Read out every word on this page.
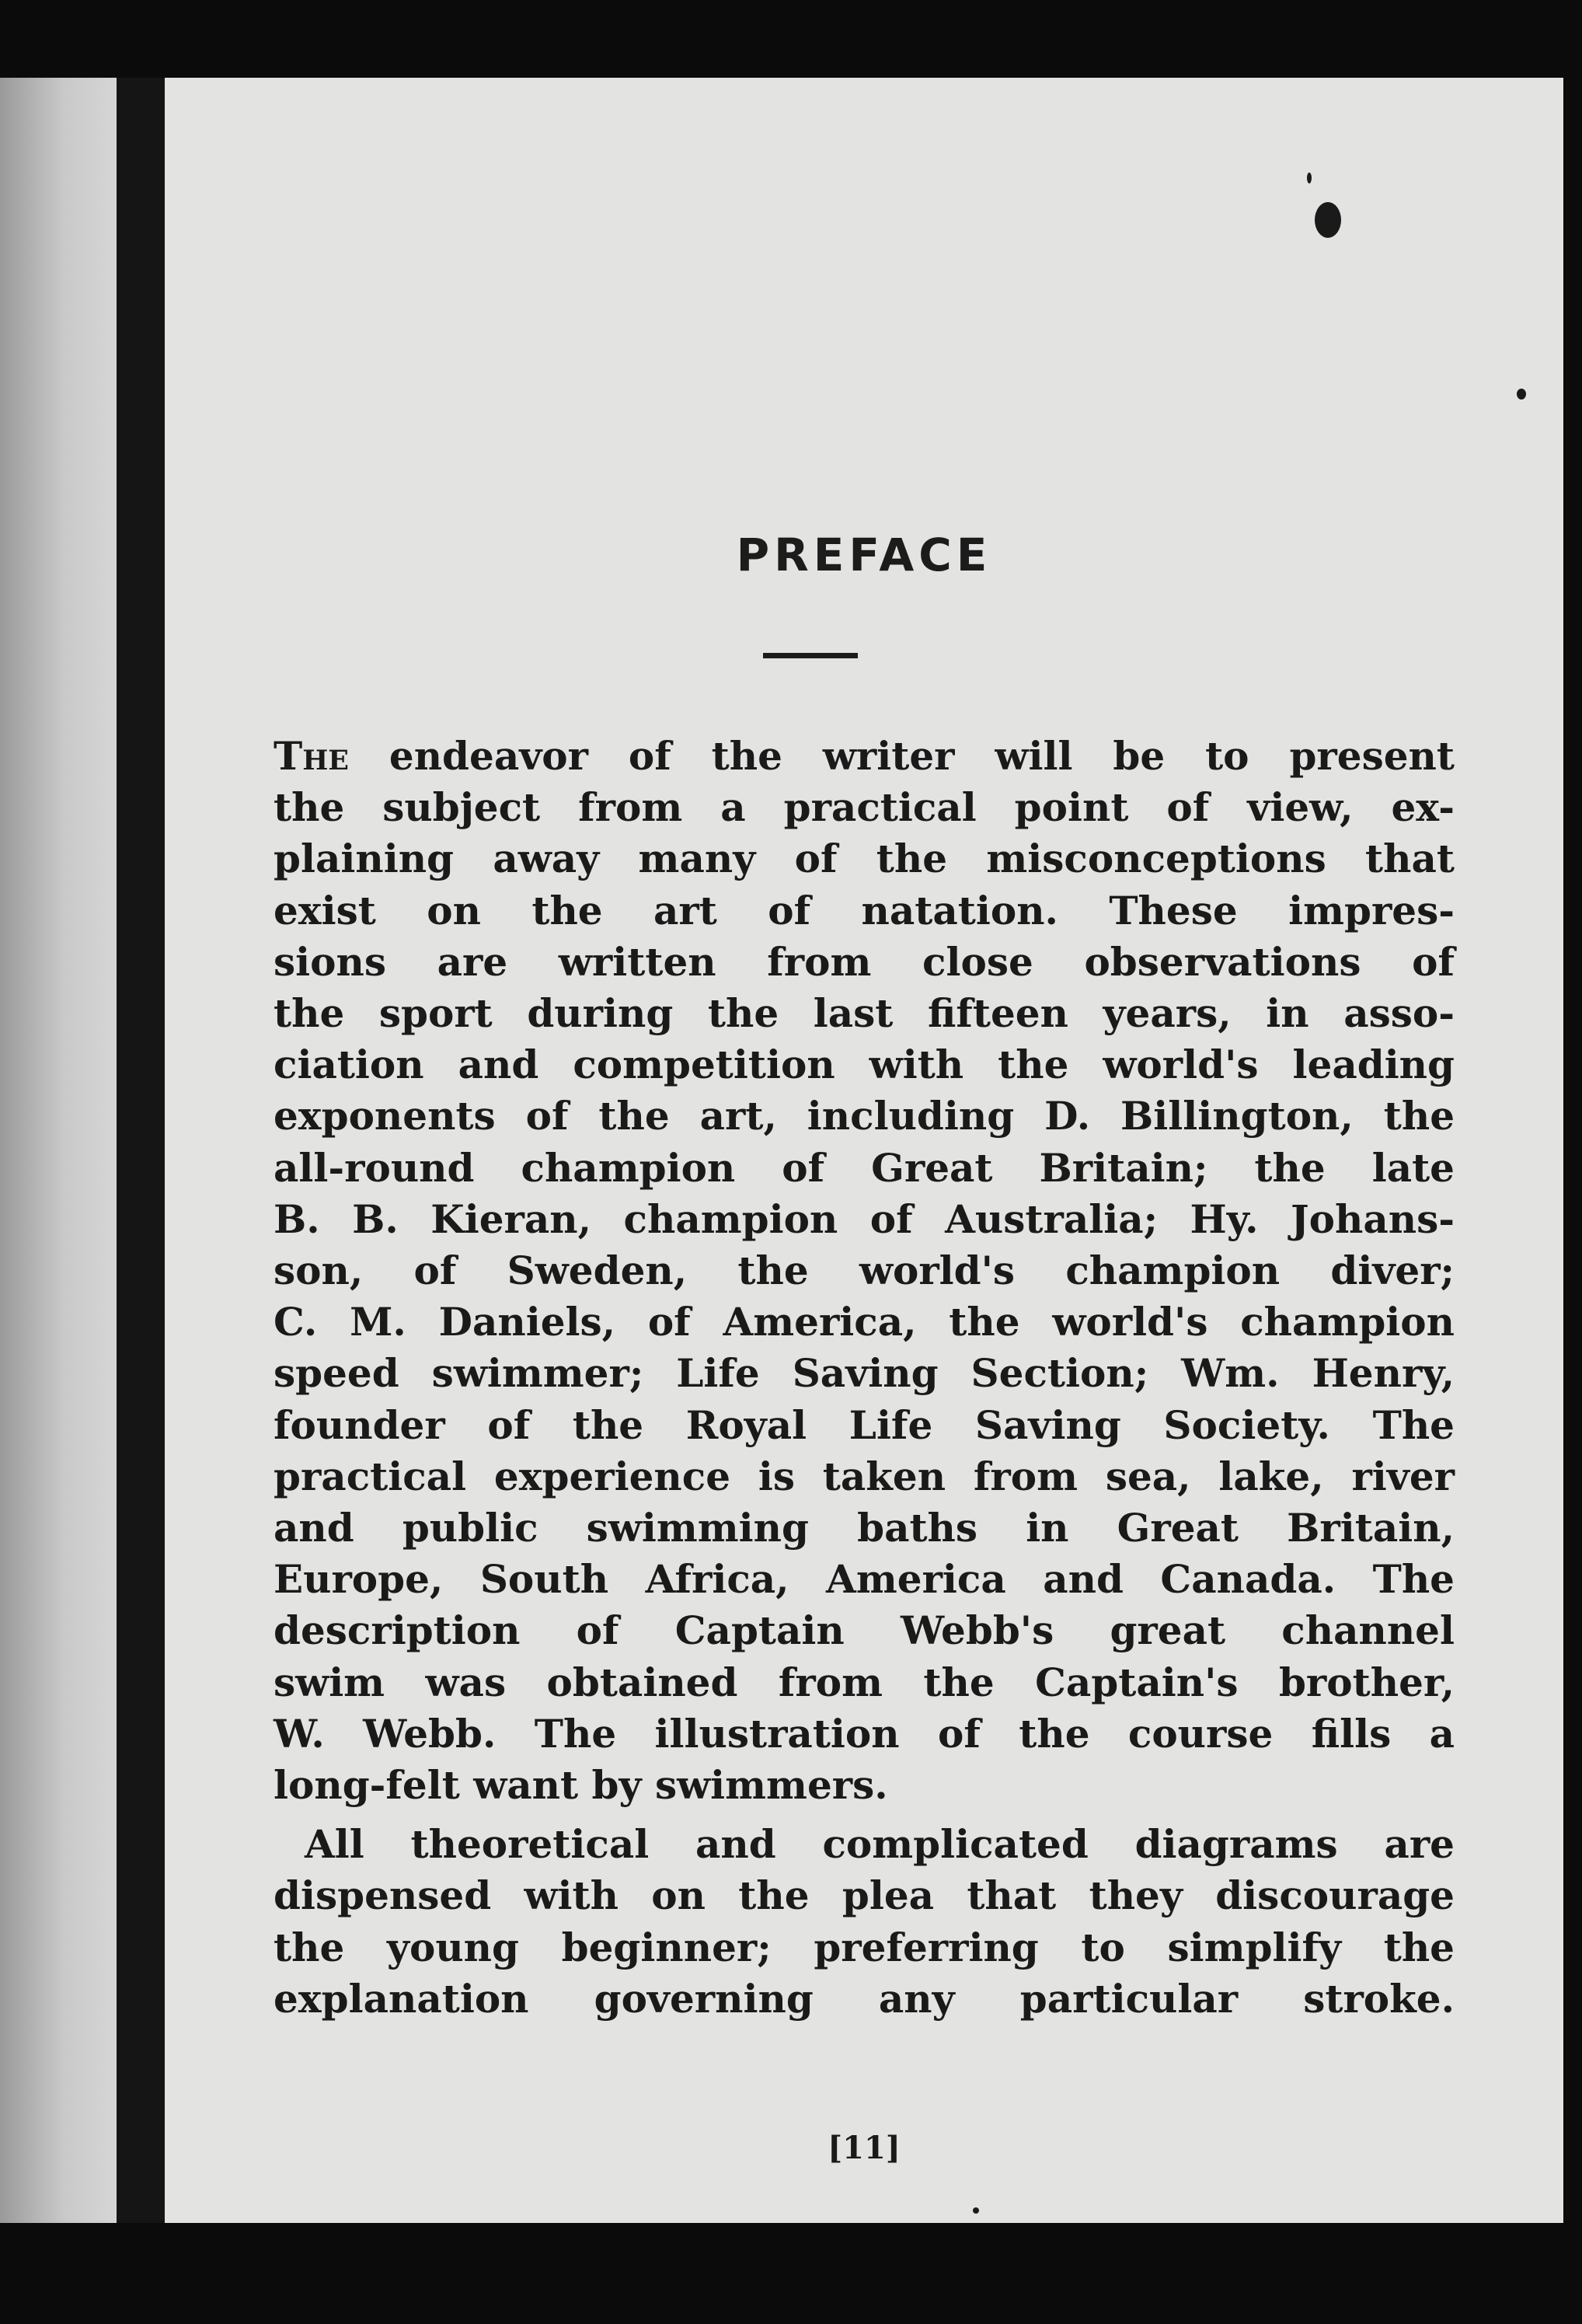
PREFACE

The endeavor of the writer will be to present
the subject from a practical point of view, ex-
plaining away many of the misconceptions that
exist on the art of natation. These impres-
sions are written from close observations of
the sport during the last fifteen years, in asso-
ciation and competition with the world's leading
exponents of the art, including D. Billington, the
all-round champion of Great Britain; the late
B. B. Kieran, champion of Australia; Hy. Johans-
son, of Sweden, the world's champion diver;
C. M. Daniels, of America, the world's champion
speed swimmer; Life Saving Section; Wm. Henry,
founder of the Royal Life Saving Society. The
practical experience is taken from sea, lake, river
and public swimming baths in Great Britain,
Europe, South Africa, America and Canada. The
description of Captain Webb's great channel
swim was obtained from the Captain's brother,
W. Webb. The illustration of the course fills a
long-felt want by swimmers.

All theoretical and complicated diagrams are
dispensed with on the plea that they discourage
the young beginner; preferring to simplify the
explanation governing any particular stroke.

[11]
